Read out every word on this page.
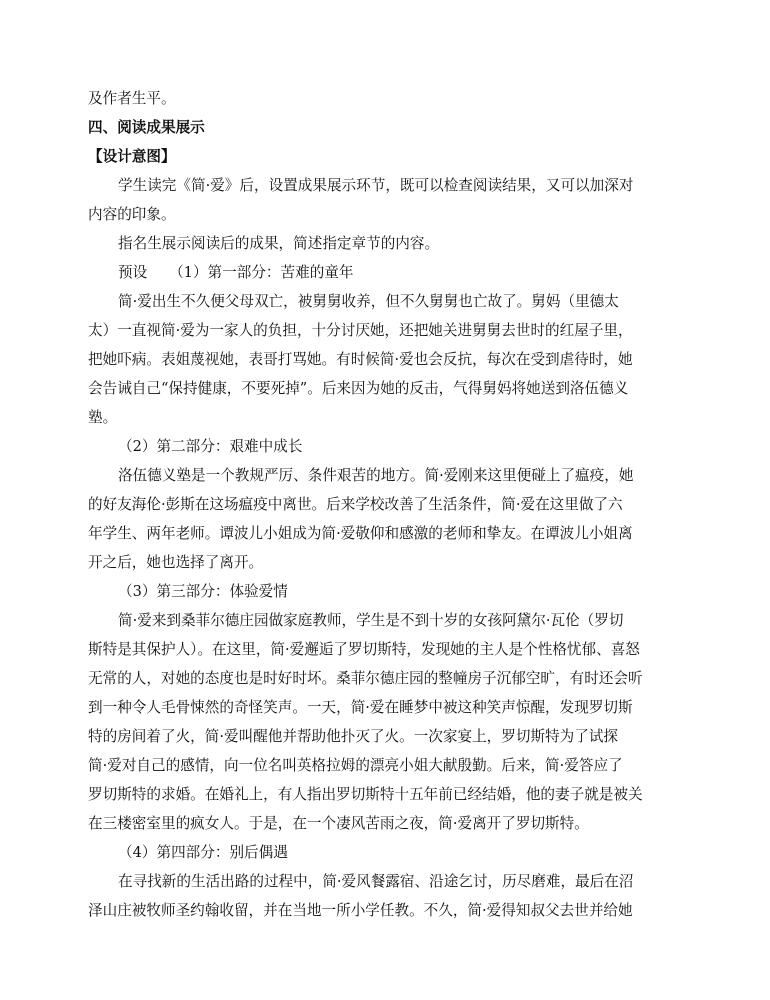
及作者生平。
四、阅读成果展示
【设计意图】
学生读完《简·爱》后，设置成果展示环节，既可以检查阅读结果，又可以加深对
内容的印象。
指名生展示阅读后的成果，简述指定章节的内容。
预设　　（1）第一部分：苦难的童年
简·爱出生不久便父母双亡，被舅舅收养，但不久舅舅也亡故了。舅妈（里德太
太）一直视简·爱为一家人的负担，十分讨厌她，还把她关进舅舅去世时的红屋子里，
把她吓病。表姐蔑视她，表哥打骂她。有时候简·爱也会反抗，每次在受到虐待时，她
会告诫自己“保持健康，不要死掉”。后来因为她的反击，气得舅妈将她送到洛伍德义
塾。
（2）第二部分：艰难中成长
洛伍德义塾是一个教规严厉、条件艰苦的地方。简·爱刚来这里便碰上了瘟疫，她
的好友海伦·彭斯在这场瘟疫中离世。后来学校改善了生活条件，简·爱在这里做了六
年学生、两年老师。谭波儿小姐成为简·爱敬仰和感激的老师和挚友。在谭波儿小姐离
开之后，她也选择了离开。
（3）第三部分：体验爱情
简·爱来到桑菲尔德庄园做家庭教师，学生是不到十岁的女孩阿黛尔·瓦伦（罗切
斯特是其保护人）。在这里，简·爱邂逅了罗切斯特，发现她的主人是个性格忧郁、喜怒
无常的人，对她的态度也是时好时坏。桑菲尔德庄园的整幢房子沉郁空旷，有时还会听
到一种令人毛骨悚然的奇怪笑声。一天，简·爱在睡梦中被这种笑声惊醒，发现罗切斯
特的房间着了火，简·爱叫醒他并帮助他扑灭了火。一次家宴上，罗切斯特为了试探
简·爱对自己的感情，向一位名叫英格拉姆的漂亮小姐大献殷勤。后来，简·爱答应了
罗切斯特的求婚。在婚礼上，有人指出罗切斯特十五年前已经结婚，他的妻子就是被关
在三楼密室里的疯女人。于是，在一个凄风苦雨之夜，简·爱离开了罗切斯特。
（4）第四部分：别后偶遇
在寻找新的生活出路的过程中，简·爱风餐露宿、沿途乞讨，历尽磨难，最后在沼
泽山庄被牧师圣约翰收留，并在当地一所小学任教。不久，简·爱得知叔父去世并给她
